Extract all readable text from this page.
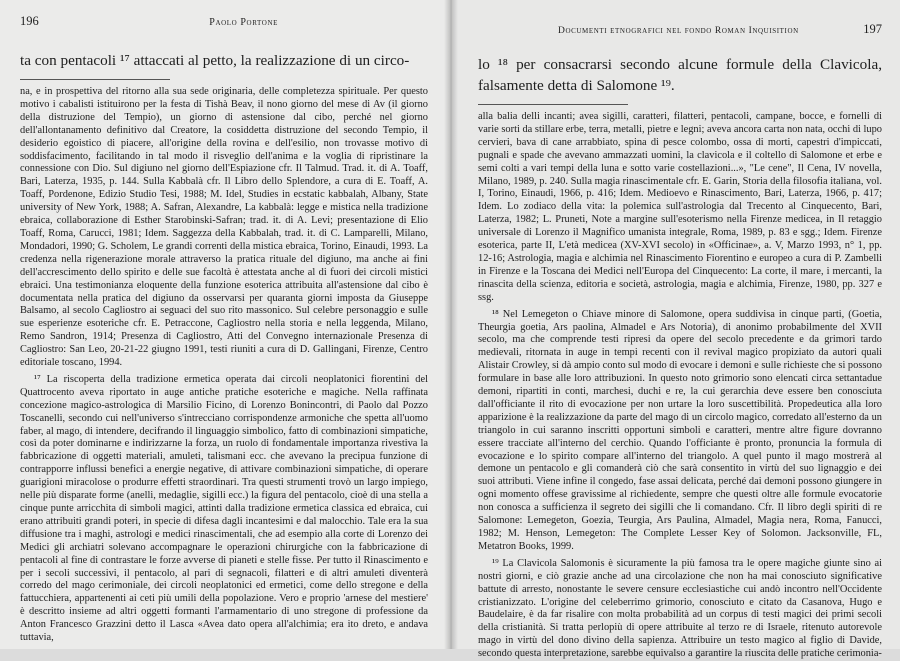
196	Paolo Portone
ta con pentacoli ¹⁷ attaccati al petto, la realizzazione di un circo-

na, e in prospettiva del ritorno alla sua sede originaria, delle completezza spirituale. Per questo motivo i cabalisti istituirono per la festa di Tishà Beav, il nono giorno del mese di Av (il giorno della distruzione del Tempio), un giorno di astensione dal cibo, perché nel giorno dell'allontanamento definitivo dal Creatore, la cosiddetta distruzione del secondo Tempio, il desiderio egoistico di piacere, all'origine della rovina e dell'esilio, non trovasse motivo di soddisfacimento, facilitando in tal modo il risveglio dell'anima e la voglia di ripristinare la connessione con Dio. Sul digiuno nel giorno dell'Espiazione cfr. Il Talmud. Trad. it. di A. Toaff, Bari, Laterza, 1935, p. 144. Sulla Kabbalà cfr. Il Libro dello Splendore, a cura di E. Toaff, A. Toaff, Pordenone, Edizio Studio Tesi, 1988; M. Idel, Studies in ecstatic kabbalah, Albany, State university of New York, 1988; A. Safran, Alexandre, La kabbalà: legge e mistica nella tradizione ebraica, collaborazione di Esther Starobinski-Safran; trad. it. di A. Levi; presentazione di Elio Toaff, Roma, Carucci, 1981; Idem. Saggezza della Kabbalah, trad. it. di C. Lamparelli, Milano, Mondadori, 1990; G. Scholem, Le grandi correnti della mistica ebraica, Torino, Einaudi, 1993. La credenza nella rigenerazione morale attraverso la pratica rituale del digiuno, ma anche ai fini dell'accrescimento dello spirito e delle sue facoltà è attestata anche al di fuori dei circoli mistici ebraici. Una testimonianza eloquente della funzione esoterica attribuita all'astensione dal cibo è documentata nella pratica del digiuno da osservarsi per quaranta giorni imposta da Giuseppe Balsamo, al secolo Cagliostro ai seguaci del suo rito massonico. Sul celebre personaggio e sulle sue esperienze esoteriche cfr. E. Petraccone, Cagliostro nella storia e nella leggenda, Milano, Remo Sandron, 1914; Presenza di Cagliostro, Atti del Convegno internazionale Presenza di Cagliostro: San Leo, 20-21-22 giugno 1991, testi riuniti a cura di D. Gallingani, Firenze, Centro editoriale toscano, 1994.

¹⁷ La riscoperta della tradizione ermetica operata dai circoli neoplatonici fiorentini del Quattrocento aveva riportato in auge antiche pratiche esoteriche e magiche. Nella raffinata concezione magico-astrologica di Marsilio Ficino, di Lorenzo Bonincontri, di Paolo dal Pozzo Toscanelli, secondo cui nell'universo s'intrecciano corrispondenze armoniche che spetta all'uomo faber, al mago, di intendere, decifrando il linguaggio simbolico, fatto di combinazioni simpatiche, così da poter dominarne e indirizzarne la forza, un ruolo di fondamentale importanza rivestiva la fabbricazione di oggetti materiali, amuleti, talismani ecc. che avevano la precipua funzione di contrapporre influssi benefici a energie negative, di attivare combinazioni simpatiche, di operare guarigioni miracolose o produrre effetti straordinari. Tra questi strumenti trovò un largo impiego, nelle più disparate forme (anelli, medaglie, sigilli ecc.) la figura del pentacolo, cioè di una stella a cinque punte arricchita di simboli magici, attinti dalla tradizione ermetica classica ed ebraica, cui erano attribuiti grandi poteri, in specie di difesa dagli incantesimi e dal malocchio. Tale era la sua diffusione tra i maghi, astrologi e medici rinascimentali, che ad esempio alla corte di Lorenzo dei Medici gli archiatri solevano accompagnare le operazioni chirurgiche con la fabbricazione di pentacoli al fine di contrastare le forze avverse di pianeti e stelle fisse. Per tutto il Rinascimento e per i secoli successivi, il pentacolo, al pari di segnacoli, filatteri e di altri amuleti diventerà corredo del mago cerimoniale, dei circoli neoplatonici ed ermetici, come dello stregone e della fattucchiera, appartenenti ai ceti più umili della popolazione. Vero e proprio 'arnese del mestiere' è descritto insieme ad altri oggetti formanti l'armamentario di uno stregone di professione da Anton Francesco Grazzini detto il Lasca «Avea dato opera all'alchimia; era ito dreto, e andava tuttavia,

Documenti etnografici nel fondo Roman Inquisition	197
lo ¹⁸ per consacrarsi secondo alcune formule della Clavicola, falsamente detta di Salomone ¹⁹.

alla balia delli incanti; avea sigilli, caratteri, filatteri, pentacoli, campane, bocce, e fornelli di varie sorti da stillare erbe, terra, metalli, pietre e legni; aveva ancora carta non nata, occhi di lupo cervieri, bava di cane arrabbiato, spina di pesce colombo, ossa di morti, capestri d'impiccati, pugnali e spade che avevano ammazzati uomini, la clavicola e il coltello di Salomone et erbe e semi colti a vari tempi della luna e sotto varie costellazioni...», "Le cene", Il Cena, IV novella, Milano, 1989, p. 240. Sulla magia rinascimentale cfr. E. Garin, Storia della filosofia italiana, vol. I, Torino, Einaudi, 1966, p. 416; Idem. Medioevo e Rinascimento, Bari, Laterza, 1966, p. 417; Idem. Lo zodiaco della vita: la polemica sull'astrologia dal Trecento al Cinquecento, Bari, Laterza, 1982; L. Pruneti, Note a margine sull'esoterismo nella Firenze medicea, in Il retaggio universale di Lorenzo il Magnifico umanista integrale, Roma, 1989, p. 83 e sgg.; Idem. Firenze esoterica, parte II, L'età medicea (XV-XVI secolo) in «Officinae», a. V, Marzo 1993, n° 1, pp. 12-16; Astrologia, magia e alchimia nel Rinascimento Fiorentino e europeo a cura di P. Zambelli in Firenze e la Toscana dei Medici nell'Europa del Cinquecento: La corte, il mare, i mercanti, la rinascita della scienza, editoria e società, astrologia, magia e alchimia, Firenze, 1980, pp. 327 e ssg.

¹⁸ Nel Lemegeton o Chiave minore di Salomone, opera suddivisa in cinque parti, (Goetia, Theurgia goetia, Ars paolina, Almadel e Ars Notoria), di anonimo probabilmente del XVII secolo, ma che comprende testi ripresi da opere del secolo precedente e da grimori tardo medievali, ritornata in auge in tempi recenti con il revival magico propiziato da autori quali Alistair Crowley, si dà ampio conto sul modo di evocare i demoni e sulle richieste che si possono formulare in base alle loro attribuzioni. In questo noto grimorio sono elencati circa settantadue demoni, ripartiti in conti, marchesi, duchi e re, la cui gerarchia deve essere ben conosciuta dall'officiante il rito di evocazione per non urtare la loro suscettibilità. Propedeutica alla loro apparizione è la realizzazione da parte del mago di un circolo magico, corredato all'esterno da un triangolo in cui saranno inscritti opportuni simboli e caratteri, mentre altre figure dovranno essere tracciate all'interno del cerchio. Quando l'officiante è pronto, pronuncia la formula di evocazione e lo spirito compare all'interno del triangolo. A quel punto il mago mostrerà al demone un pentacolo e gli comanderà ciò che sarà consentito in virtù del suo lignaggio e dei suoi attributi. Viene infine il congedo, fase assai delicata, perché dai demoni possono giungere in ogni momento offese gravissime al richiedente, sempre che questi oltre alle formule evocatorie non conosca a sufficienza il segreto dei sigilli che li comandano. Cfr. Il libro degli spiriti di re Salomone: Lemegeton, Goezia, Teurgia, Ars Paulina, Almadel, Magia nera, Roma, Fanucci, 1982; M. Henson, Lemegeton: The Complete Lesser Key of Solomon. Jacksonville, FL, Metatron Books, 1999.

¹⁹ La Clavicola Salomonis è sicuramente la più famosa tra le opere magiche giunte sino ai nostri giorni, e ciò grazie anche ad una circolazione che non ha mai conosciuto significative battute di arresto, nonostante le severe censure ecclesiastiche cui andò incontro nell'Occidente cristianizzato. L'origine del celeberrimo grimorio, conosciuto e citato da Casanova, Hugo e Baudelaire, è da far risalire con molta probabilità ad un corpus di testi magici dei primi secoli della cristianità. Si tratta perlopiù di opere attribuite al terzo re di Israele, ritenuto autorevole mago in virtù del dono divino della sapienza. Attribuire un testo magico al figlio di Davide, secondo questa interpretazione, sarebbe equivalso a garantire la riuscita delle pratiche cerimonia-
